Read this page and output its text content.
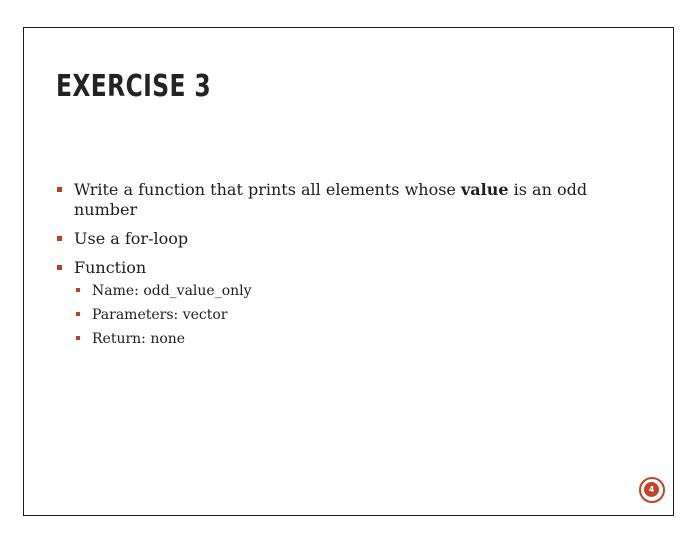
EXERCISE 3
Write a function that prints all elements whose value is an odd number
Use a for-loop
Function
Name: odd_value_only
Parameters: vector
Return: none
4
